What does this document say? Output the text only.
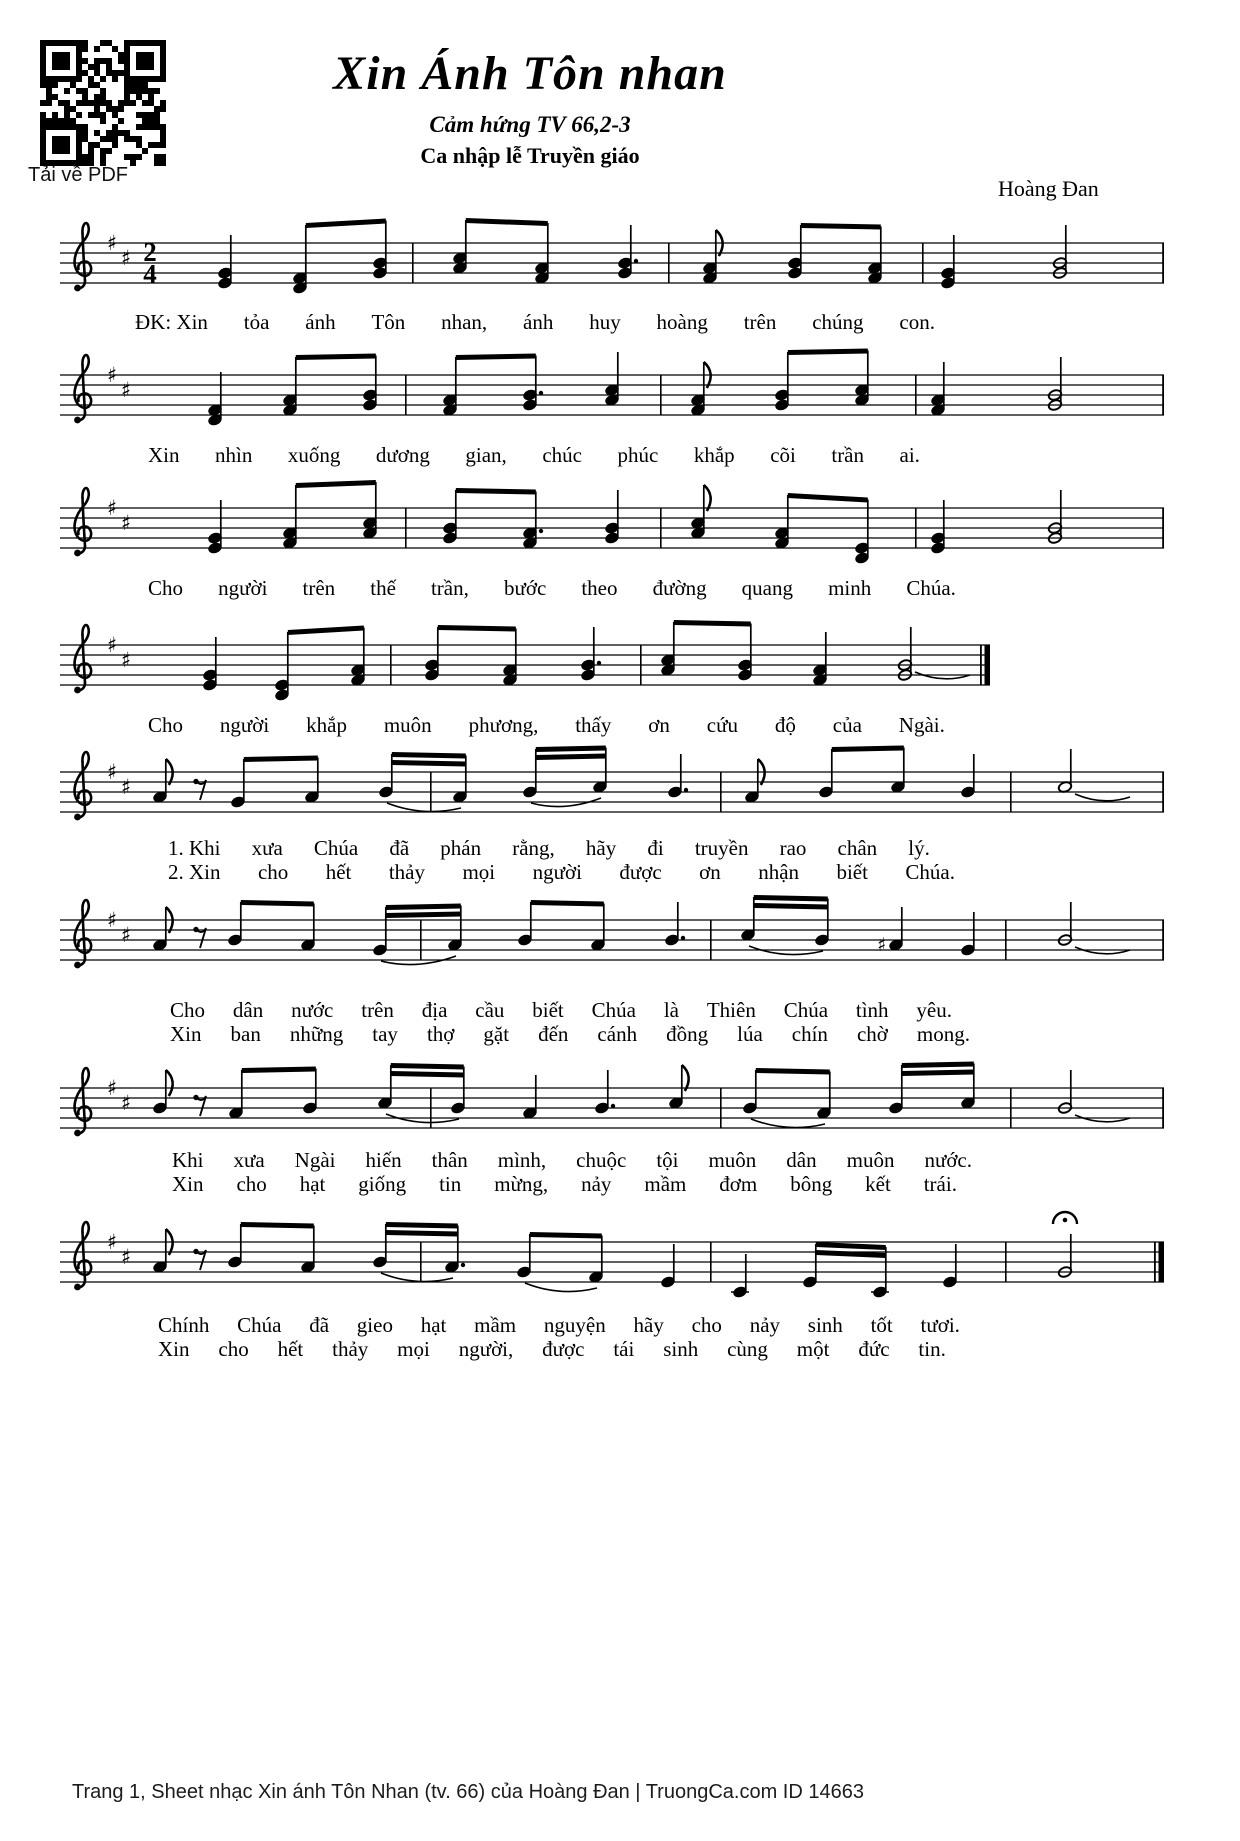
Tải về PDF
Xin Ánh Tôn nhan
Cảm hứng TV 66,2-3
Ca nhập lễ Truyền giáo
Hoàng Đan
♯
♯ 2
4
♯
♯
♯
♯
♯
♯
♯
♯
♯
♯	♯
♯
♯
♯
♯
ĐK: Xin tỏa ánh Tôn nhan, ánh huy hoàng trên chúng con.
Xin nhìn xuống dương gian, chúc phúc khắp cõi trần ai.
Cho người trên thế trần, bước theo đường quang minh Chúa.
Cho người khắp muôn phương, thấy ơn cứu độ của Ngài.
1. Khi xưa Chúa đã phán rằng, hãy đi truyền rao chân lý.
2. Xin cho hết thảy mọi người được ơn nhận biết Chúa.
Cho dân nước trên địa cầu biết Chúa là Thiên Chúa tình yêu.
Xin ban những tay thợ gặt đến cánh đồng lúa chín chờ mong.
Khi xưa Ngài hiến thân mình, chuộc tội muôn dân muôn nước.
Xin cho hạt giống tin mừng, nảy mầm đơm bông kết trái.
Chính Chúa đã gieo hạt mầm nguyện hãy cho nảy sinh tốt tươi.
Xin cho hết thảy mọi người, được tái sinh cùng một đức tin.
Trang 1, Sheet nhạc Xin ánh Tôn Nhan (tv. 66) của Hoàng Đan | TruongCa.com ID 14663
